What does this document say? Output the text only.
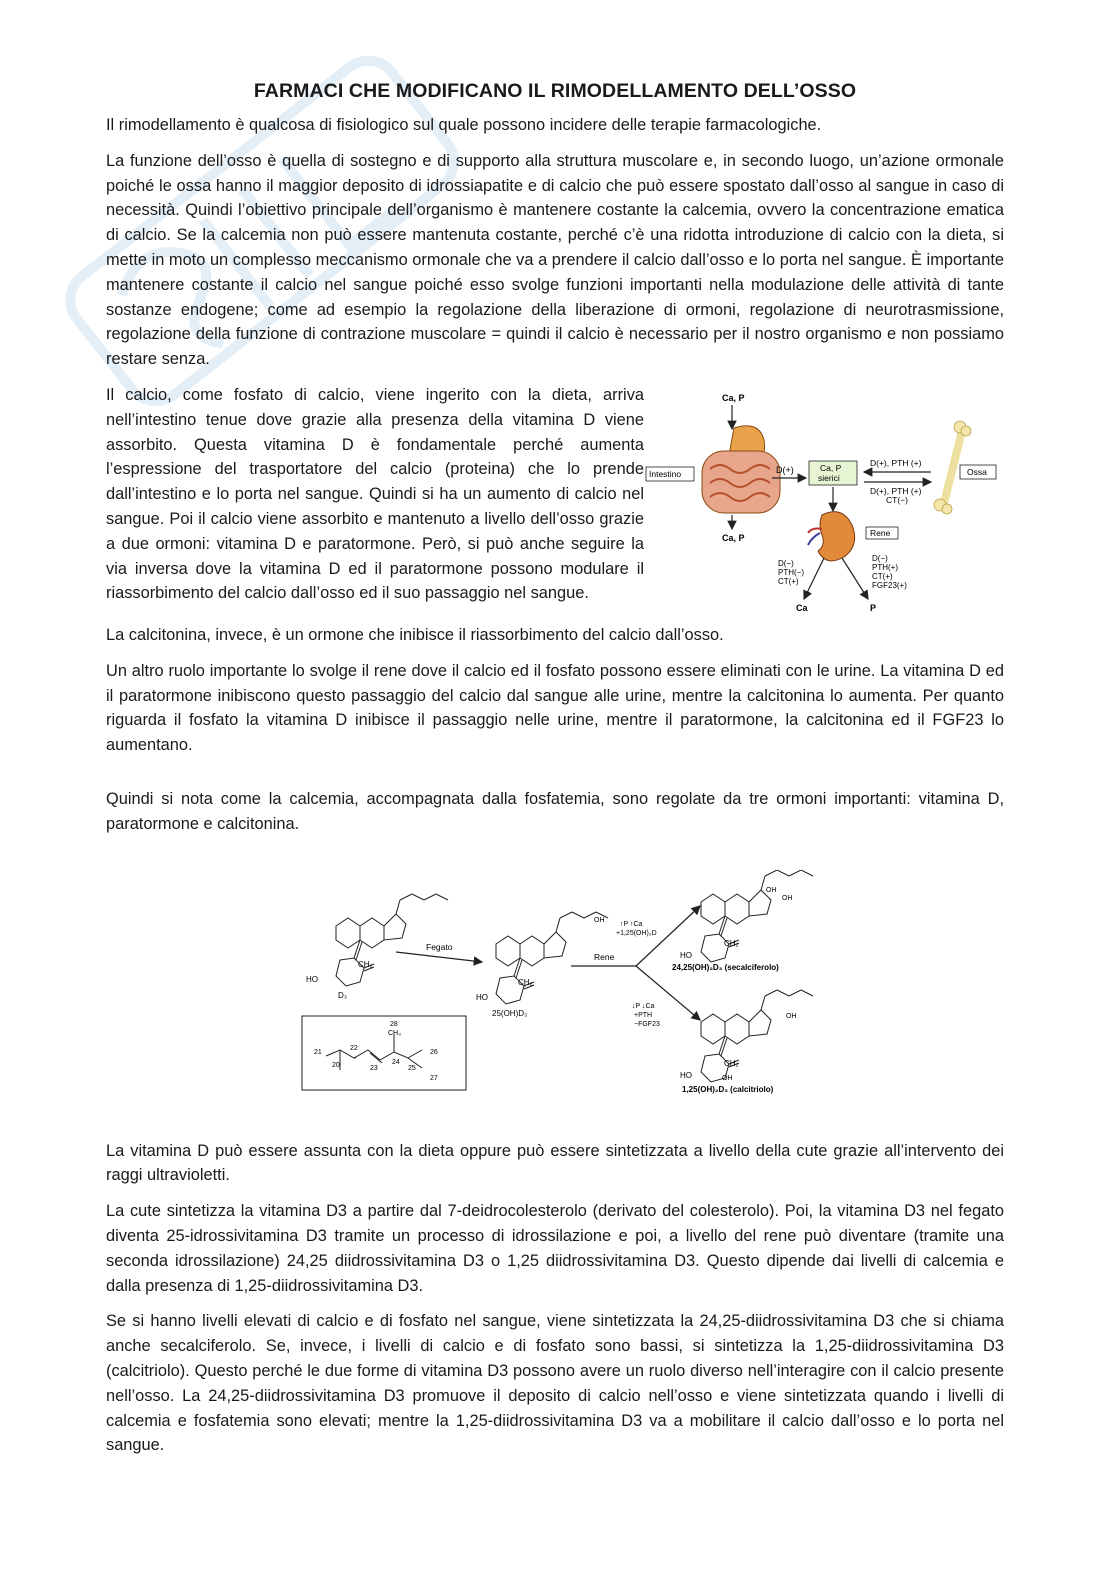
FARMACI CHE MODIFICANO IL RIMODELLAMENTO DELL’OSSO

Il rimodellamento è qualcosa di fisiologico sul quale possono incidere delle terapie farmacologiche.

La funzione dell’osso è quella di sostegno e di supporto alla struttura muscolare e, in secondo luogo, un’azione ormonale poiché le ossa hanno il maggior deposito di idrossiapatite e di calcio che può essere spostato dall’osso al sangue in caso di necessità. Quindi l’obiettivo principale dell’organismo è mantenere costante la calcemia, ovvero la concentrazione ematica di calcio. Se la calcemia non può essere mantenuta costante, perché c’è una ridotta introduzione di calcio con la dieta, si mette in moto un complesso meccanismo ormonale che va a prendere il calcio dall’osso e lo porta nel sangue. È importante mantenere costante il calcio nel sangue poiché esso svolge funzioni importanti nella modulazione delle attività di tante sostanze endogene; come ad esempio la regolazione della liberazione di ormoni, regolazione di neurotrasmissione, regolazione della funzione di contrazione muscolare = quindi il calcio è necessario per il nostro organismo e non possiamo restare senza.

Il calcio, come fosfato di calcio, viene ingerito con la dieta, arriva nell’intestino tenue dove grazie alla presenza della vitamina D viene assorbito. Questa vitamina D è fondamentale perché aumenta l’espressione del trasportatore del calcio (proteina) che lo prende dall’intestino e lo porta nel sangue. Quindi si ha un aumento di calcio nel sangue. Poi il calcio viene assorbito e mantenuto a livello dell’osso grazie a due ormoni: vitamina D e paratormone. Però, si può anche seguire la via inversa dove la vitamina D ed il paratormone possono modulare il riassorbimento del calcio dall’osso ed il suo passaggio nel sangue.

Ca, P
Intestino
Ca, P
D(+)	Ca, P
sierici
D(+), PTH (+)
D(+), PTH (+)
CT(−)
Ossa
Rene
D(−)
PTH(−)
CT(+)
D(−)
PTH(+)
CT(+)
FGF23(+)
Ca	P

La calcitonina, invece, è un ormone che inibisce il riassorbimento del calcio dall’osso.

Un altro ruolo importante lo svolge il rene dove il calcio ed il fosfato possono essere eliminati con le urine. La vitamina D ed il paratormone inibiscono questo passaggio del calcio dal sangue alle urine, mentre la calcitonina lo aumenta. Per quanto riguarda il fosfato la vitamina D inibisce il passaggio nelle urine, mentre il paratormone, la calcitonina ed il FGF23 lo aumentano.

Quindi si nota come la calcemia, accompagnata dalla fosfatemia, sono regolate da tre ormoni importanti: vitamina D, paratormone e calcitonina.

CH₂
HO
D₃
Fegato
CH₂
HO
OH
25(OH)D₃
Rene
↑P ↑Ca
+1,25(OH)₂D
↓P ↓Ca
+PTH
−FGF23
CH₂
HO
OH
OH
24,25(OH)₂D₃ (secalciferolo)
CH₂
HO
OH
OH
1,25(OH)₂D₃ (calcitriolo)
28
CH₃
21
22
20	23
24
25
26
27

La vitamina D può essere assunta con la dieta oppure può essere sintetizzata a livello della cute grazie all’intervento dei raggi ultravioletti.

La cute sintetizza la vitamina D3 a partire dal 7-deidrocolesterolo (derivato del colesterolo). Poi, la vitamina D3 nel fegato diventa 25-idrossivitamina D3 tramite un processo di idrossilazione e poi, a livello del rene può diventare (tramite una seconda idrossilazione) 24,25 diidrossivitamina D3 o 1,25 diidrossivitamina D3. Questo dipende dai livelli di calcemia e dalla presenza di 1,25-diidrossivitamina D3.

Se si hanno livelli elevati di calcio e di fosfato nel sangue, viene sintetizzata la 24,25-diidrossivitamina D3 che si chiama anche secalciferolo. Se, invece, i livelli di calcio e di fosfato sono bassi, si sintetizza la 1,25-diidrossivitamina D3 (calcitriolo). Questo perché le due forme di vitamina D3 possono avere un ruolo diverso nell’interagire con il calcio presente nell’osso. La 24,25-diidrossivitamina D3 promuove il deposito di calcio nell’osso e viene sintetizzata quando i livelli di calcemia e fosfatemia sono elevati; mentre la 1,25-diidrossivitamina D3 va a mobilitare il calcio dall’osso e lo porta nel sangue.
